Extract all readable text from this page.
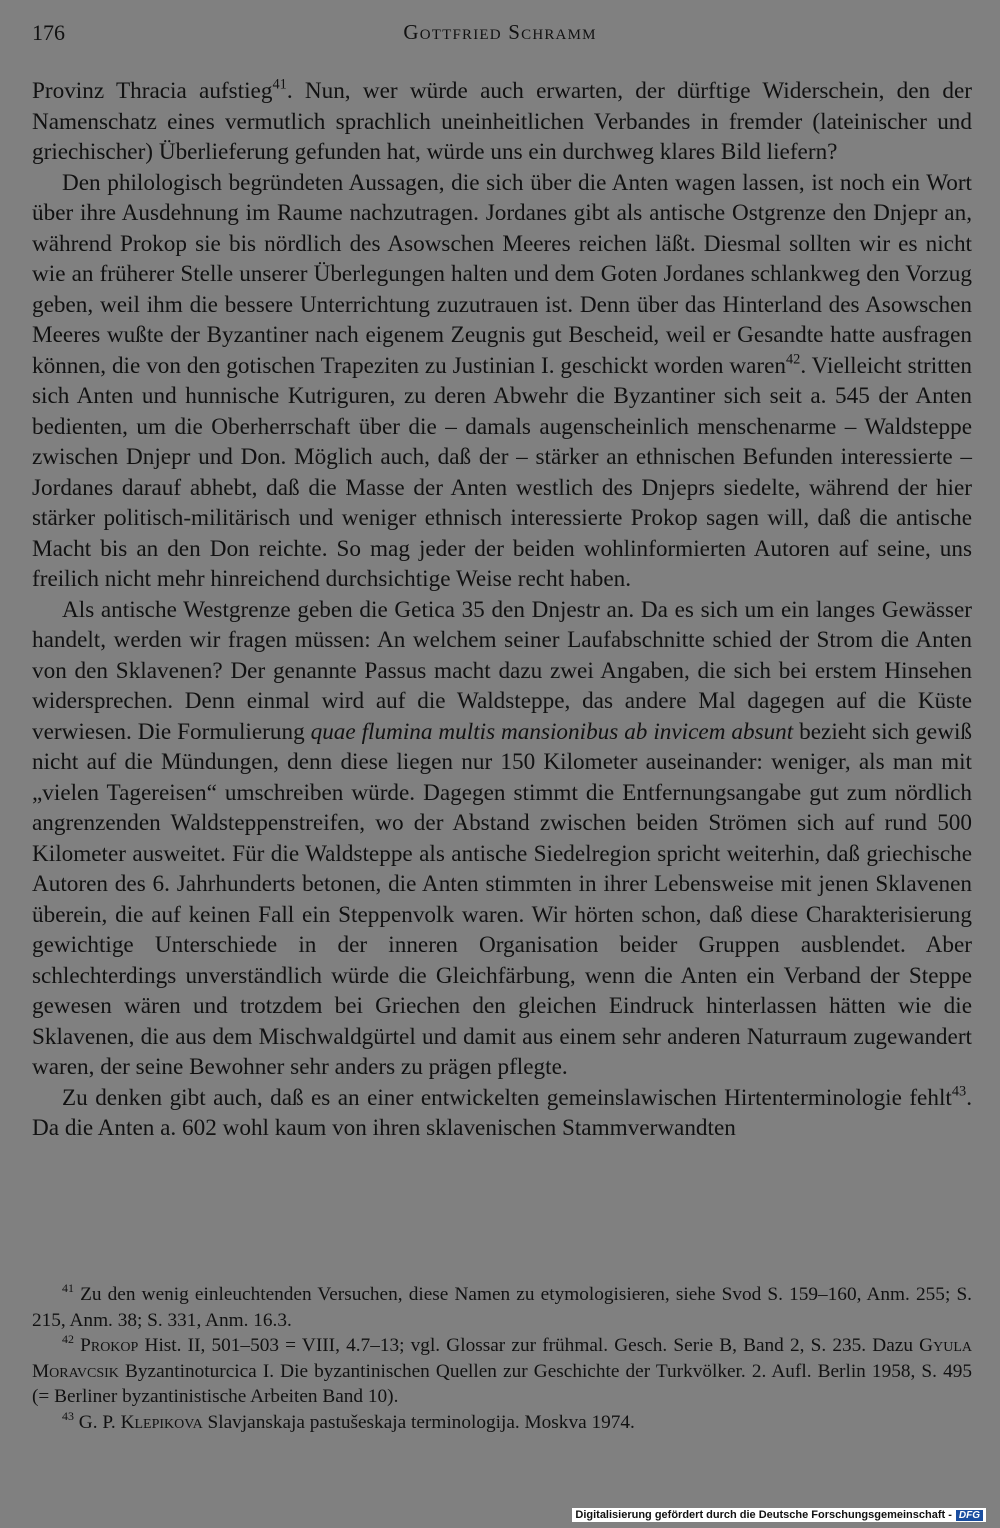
176	Gottfried Schramm

Provinz Thracia aufstieg$^{41}$. Nun, wer würde auch erwarten, der dürftige Widerschein, den der Namenschatz eines vermutlich sprachlich uneinheitlichen Verbandes in fremder (lateinischer und griechischer) Überlieferung gefunden hat, würde uns ein durchweg klares Bild liefern?

Den philologisch begründeten Aussagen, die sich über die Anten wagen lassen, ist noch ein Wort über ihre Ausdehnung im Raume nachzutragen. Jordanes gibt als antische Ostgrenze den Dnjepr an, während Prokop sie bis nördlich des Asowschen Meeres reichen läßt. Diesmal sollten wir es nicht wie an früherer Stelle unserer Überlegungen halten und dem Goten Jordanes schlankweg den Vorzug geben, weil ihm die bessere Unterrichtung zuzutrauen ist. Denn über das Hinterland des Asowschen Meeres wußte der Byzantiner nach eigenem Zeugnis gut Bescheid, weil er Gesandte hatte ausfragen können, die von den gotischen Trapeziten zu Justinian I. geschickt worden waren$^{42}$. Vielleicht stritten sich Anten und hunnische Kutriguren, zu deren Abwehr die Byzantiner sich seit a. 545 der Anten bedienten, um die Oberherrschaft über die – damals augenscheinlich menschenarme – Waldsteppe zwischen Dnjepr und Don. Möglich auch, daß der – stärker an ethnischen Befunden interessierte – Jordanes darauf abhebt, daß die Masse der Anten westlich des Dnjeprs siedelte, während der hier stärker politisch-militärisch und weniger ethnisch interessierte Prokop sagen will, daß die antische Macht bis an den Don reichte. So mag jeder der beiden wohlinformierten Autoren auf seine, uns freilich nicht mehr hinreichend durchsichtige Weise recht haben.

Als antische Westgrenze geben die Getica 35 den Dnjestr an. Da es sich um ein langes Gewässer handelt, werden wir fragen müssen: An welchem seiner Laufabschnitte schied der Strom die Anten von den Sklavenen? Der genannte Passus macht dazu zwei Angaben, die sich bei erstem Hinsehen widersprechen. Denn einmal wird auf die Waldsteppe, das andere Mal dagegen auf die Küste verwiesen. Die Formulierung quae flumina multis mansionibus ab invicem absunt bezieht sich gewiß nicht auf die Mündungen, denn diese liegen nur 150 Kilometer auseinander: weniger, als man mit „vielen Tagereisen“ umschreiben würde. Dagegen stimmt die Entfernungsangabe gut zum nördlich angrenzenden Waldsteppenstreifen, wo der Abstand zwischen beiden Strömen sich auf rund 500 Kilometer ausweitet. Für die Waldsteppe als antische Siedelregion spricht weiterhin, daß griechische Autoren des 6. Jahrhunderts betonen, die Anten stimmten in ihrer Lebensweise mit jenen Sklavenen überein, die auf keinen Fall ein Steppenvolk waren. Wir hörten schon, daß diese Charakterisierung gewichtige Unterschiede in der inneren Organisation beider Gruppen ausblendet. Aber schlechterdings unverständlich würde die Gleichfärbung, wenn die Anten ein Verband der Steppe gewesen wären und trotzdem bei Griechen den gleichen Eindruck hinterlassen hätten wie die Sklavenen, die aus dem Mischwaldgürtel und damit aus einem sehr anderen Naturraum zugewandert waren, der seine Bewohner sehr anders zu prägen pflegte.

Zu denken gibt auch, daß es an einer entwickelten gemeinslawischen Hirtenterminologie fehlt$^{43}$. Da die Anten a. 602 wohl kaum von ihren sklavenischen Stammverwandten

$^{41}$ Zu den wenig einleuchtenden Versuchen, diese Namen zu etymologisieren, siehe Svod S. 159–160, Anm. 255; S. 215, Anm. 38; S. 331, Anm. 16.3.

$^{42}$ Prokop Hist. II, 501–503 = VIII, 4.7–13; vgl. Glossar zur frühmal. Gesch. Serie B, Band 2, S. 235. Dazu Gyula Moravcsik Byzantinoturcica I. Die byzantinischen Quellen zur Geschichte der Turkvölker. 2. Aufl. Berlin 1958, S. 495 (= Berliner byzantinistische Arbeiten Band 10).

$^{43}$ G. P. Klepikova Slavjanskaja pastušeskaja terminologija. Moskva 1974.

Digitalisierung gefördert durch die Deutsche Forschungsgemeinschaft - DFG
